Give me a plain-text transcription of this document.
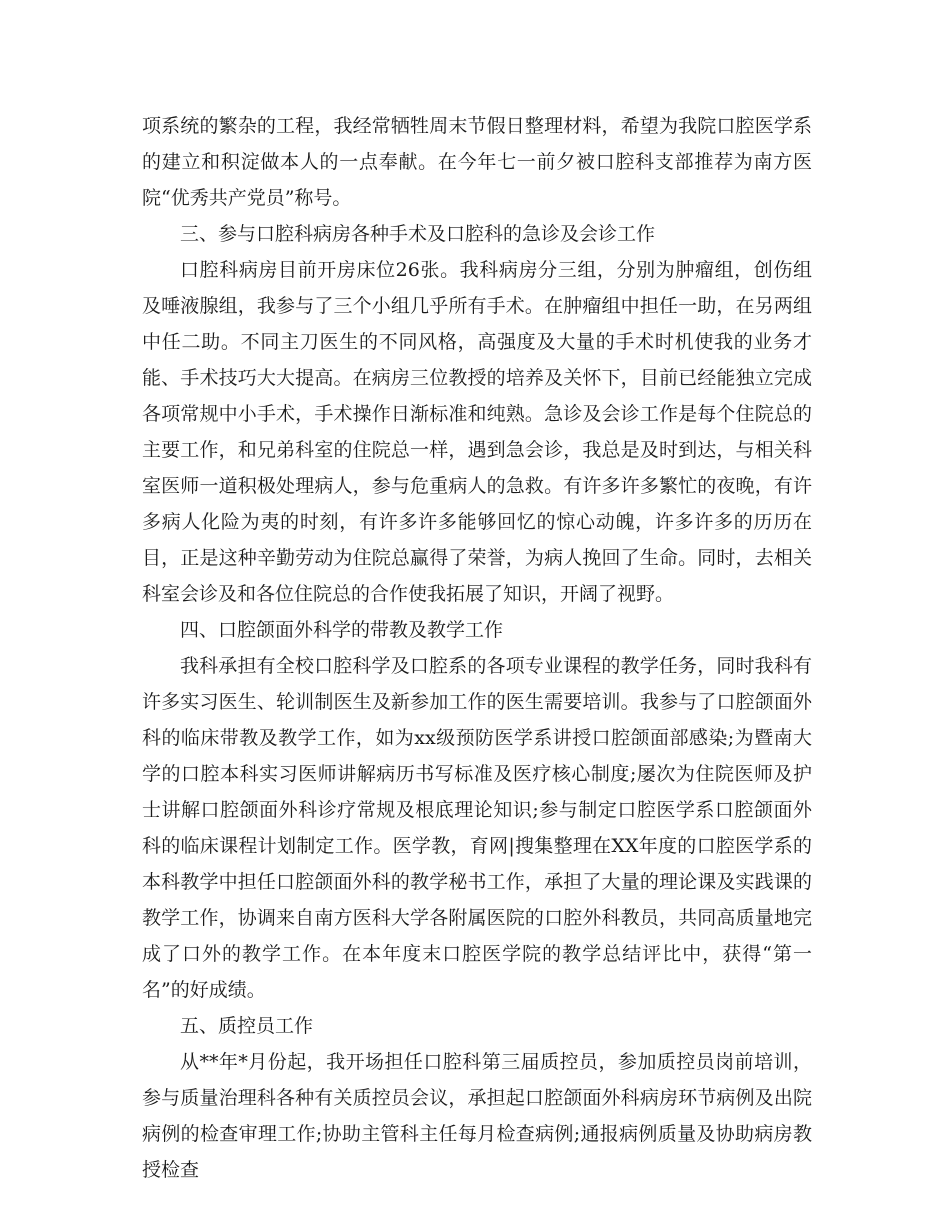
项系统的繁杂的工程，我经常牺牲周末节假日整理材料，希望为我院口腔医学系的建立和积淀做本人的一点奉献。在今年七一前夕被口腔科支部推荐为南方医院“优秀共产党员”称号。

三、参与口腔科病房各种手术及口腔科的急诊及会诊工作

口腔科病房目前开房床位26张。我科病房分三组，分别为肿瘤组，创伤组及唾液腺组，我参与了三个小组几乎所有手术。在肿瘤组中担任一助，在另两组中任二助。不同主刀医生的不同风格，高强度及大量的手术时机使我的业务才能、手术技巧大大提高。在病房三位教授的培养及关怀下，目前已经能独立完成各项常规中小手术，手术操作日渐标准和纯熟。急诊及会诊工作是每个住院总的主要工作，和兄弟科室的住院总一样，遇到急会诊，我总是及时到达，与相关科室医师一道积极处理病人，参与危重病人的急救。有许多许多繁忙的夜晚，有许多病人化险为夷的时刻，有许多许多能够回忆的惊心动魄，许多许多的历历在目，正是这种辛勤劳动为住院总赢得了荣誉，为病人挽回了生命。同时，去相关科室会诊及和各位住院总的合作使我拓展了知识，开阔了视野。

四、口腔颌面外科学的带教及教学工作

我科承担有全校口腔科学及口腔系的各项专业课程的教学任务，同时我科有许多实习医生、轮训制医生及新参加工作的医生需要培训。我参与了口腔颌面外科的临床带教及教学工作，如为xx级预防医学系讲授口腔颌面部感染;为暨南大学的口腔本科实习医师讲解病历书写标准及医疗核心制度;屡次为住院医师及护士讲解口腔颌面外科诊疗常规及根底理论知识;参与制定口腔医学系口腔颌面外科的临床课程计划制定工作。医学教，育网|搜集整理在XX年度的口腔医学系的本科教学中担任口腔颌面外科的教学秘书工作，承担了大量的理论课及实践课的教学工作，协调来自南方医科大学各附属医院的口腔外科教员，共同高质量地完成了口外的教学工作。在本年度末口腔医学院的教学总结评比中，获得“第一名”的好成绩。

五、质控员工作

从**年*月份起，我开场担任口腔科第三届质控员，参加质控员岗前培训，参与质量治理科各种有关质控员会议，承担起口腔颌面外科病房环节病例及出院病例的检查审理工作;协助主管科主任每月检查病例;通报病例质量及协助病房教授检查
